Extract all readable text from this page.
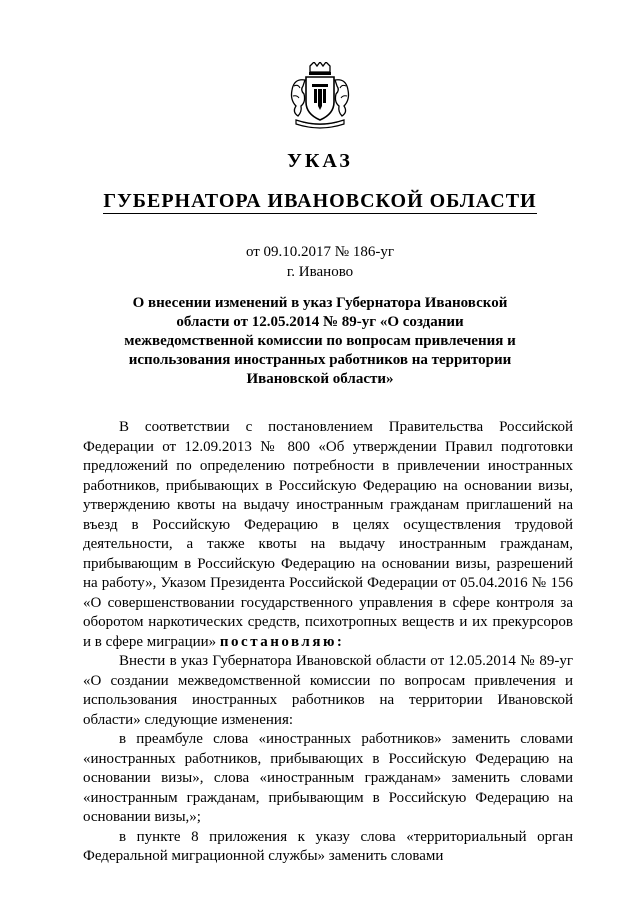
УКАЗ
ГУБЕРНАТОРА ИВАНОВСКОЙ ОБЛАСТИ
от 09.10.2017 № 186-уг
г. Иваново
О внесении изменений в указ Губернатора Ивановской области от 12.05.2014 № 89-уг «О создании межведомственной комиссии по вопросам привлечения и использования иностранных работников на территории Ивановской области»

В соответствии с постановлением Правительства Российской Федерации от 12.09.2013 № 800 «Об утверждении Правил подготовки предложений по определению потребности в привлечении иностранных работников, прибывающих в Российскую Федерацию на основании визы, утверждению квоты на выдачу иностранным гражданам приглашений на въезд в Российскую Федерацию в целях осуществления трудовой деятельности, а также квоты на выдачу иностранным гражданам, прибывающим в Российскую Федерацию на основании визы, разрешений на работу», Указом Президента Российской Федерации от 05.04.2016 № 156 «О совершенствовании государственного управления в сфере контроля за оборотом наркотических средств, психотропных веществ и их прекурсоров и в сфере миграции» постановляю:

Внести в указ Губернатора Ивановской области от 12.05.2014 № 89-уг «О создании межведомственной комиссии по вопросам привлечения и использования иностранных работников на территории Ивановской области» следующие изменения:

в преамбуле слова «иностранных работников» заменить словами «иностранных работников, прибывающих в Российскую Федерацию на основании визы», слова «иностранным гражданам» заменить словами «иностранным гражданам, прибывающим в Российскую Федерацию на основании визы,»;

в пункте 8 приложения к указу слова «территориальный орган Федеральной миграционной службы» заменить словами
